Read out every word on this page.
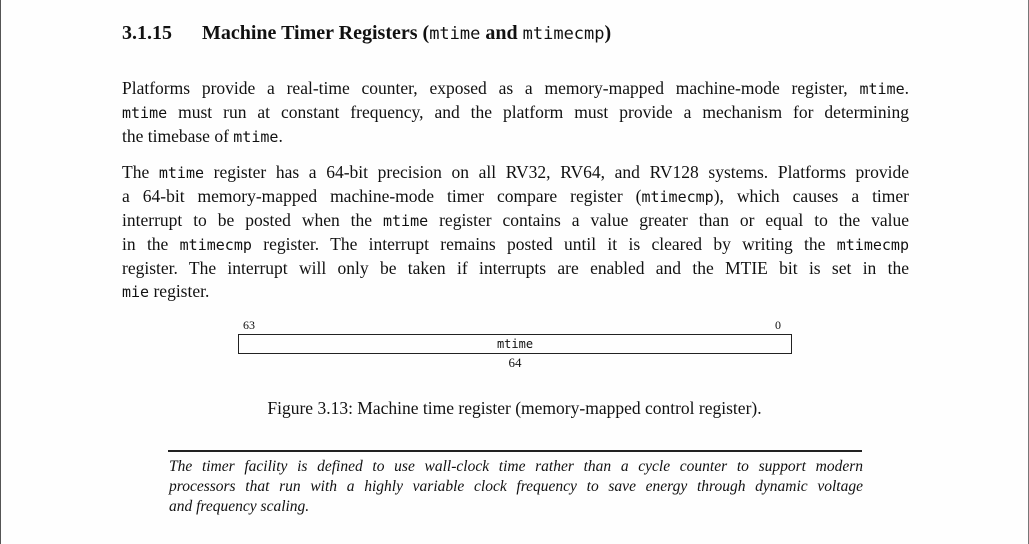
3.1.15 Machine Timer Registers (mtime and mtimecmp)

Platforms provide a real-time counter, exposed as a memory-mapped machine-mode register, mtime.
mtime must run at constant frequency, and the platform must provide a mechanism for determining
the timebase of mtime.

The mtime register has a 64-bit precision on all RV32, RV64, and RV128 systems. Platforms provide
a 64-bit memory-mapped machine-mode timer compare register (mtimecmp), which causes a timer
interrupt to be posted when the mtime register contains a value greater than or equal to the value
in the mtimecmp register. The interrupt remains posted until it is cleared by writing the mtimecmp
register. The interrupt will only be taken if interrupts are enabled and the MTIE bit is set in the
mie register.

63	0
mtime
64

Figure 3.13: Machine time register (memory-mapped control register).

The timer facility is defined to use wall-clock time rather than a cycle counter to support modern
processors that run with a highly variable clock frequency to save energy through dynamic voltage
and frequency scaling.
